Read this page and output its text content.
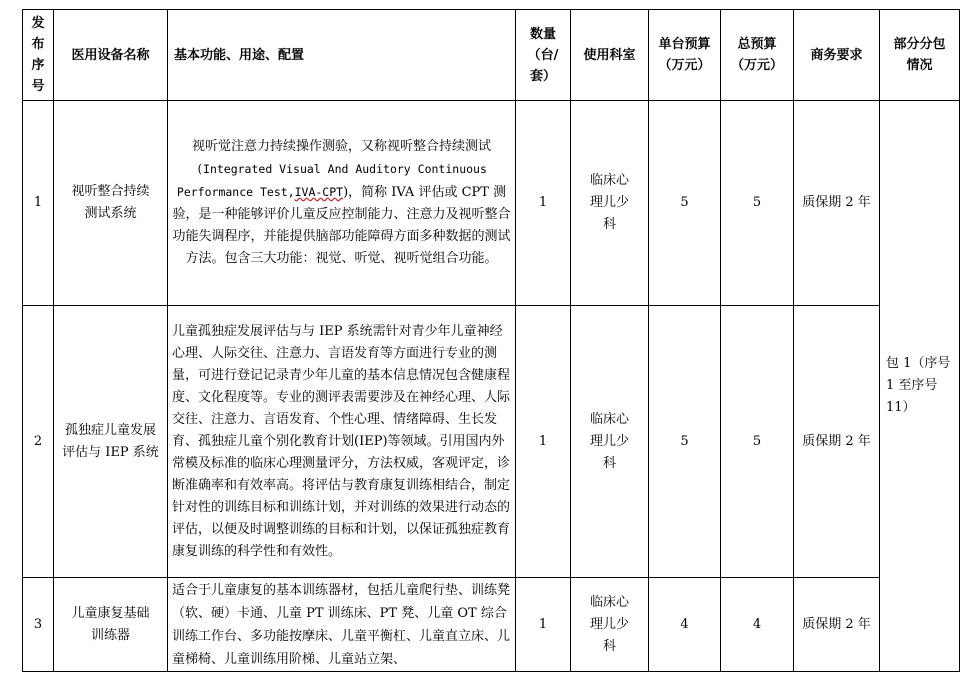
发布序号	医用设备名称	基本功能、用途、配置	数量（台/套）	使用科室	单台预算（万元）	总预算（万元）	商务要求	部分分包情况
1	视听整合持续测试系统	视听觉注意力持续操作测验，又称视听整合持续测试
(Integrated Visual And Auditory Continuous
Performance Test,IVA-CPT)，简称 IVA 评估或 CPT 测验，是一种能够评价儿童反应控制能力、注意力及视听整合功能失调程序，并能提供脑部功能障碍方面多种数据的测试方法。包含三大功能：视觉、听觉、视听觉组合功能。	1	临床心理儿少科	5	5	质保期 2 年	包 1（序号 1 至序号 11）
2	孤独症儿童发展评估与 IEP 系统	儿童孤独症发展评估与与 IEP 系统需针对青少年儿童神经心理、人际交往、注意力、言语发育等方面进行专业的测量，可进行登记记录青少年儿童的基本信息情况包含健康程度、文化程度等。专业的测评表需要涉及在神经心理、人际交往、注意力、言语发育、个性心理、情绪障碍、生长发育、孤独症儿童个别化教育计划(IEP)等领域。引用国内外常模及标准的临床心理测量评分，方法权威，客观评定，诊断准确率和有效率高。将评估与教育康复训练相结合，制定针对性的训练目标和训练计划，并对训练的效果进行动态的评估，以便及时调整训练的目标和计划，以保证孤独症教育康复训练的科学性和有效性。	1	临床心理儿少科	5	5	质保期 2 年	
3	儿童康复基础训练器	适合于儿童康复的基本训练器材，包括儿童爬行垫、训练凳（软、硬）卡通、儿童 PT 训练床、PT 凳、儿童 OT 综合训练工作台、多功能按摩床、儿童平衡杠、儿童直立床、儿童梯椅、儿童训练用阶梯、儿童站立架、	1	临床心理儿少科	4	4	质保期 2 年	
